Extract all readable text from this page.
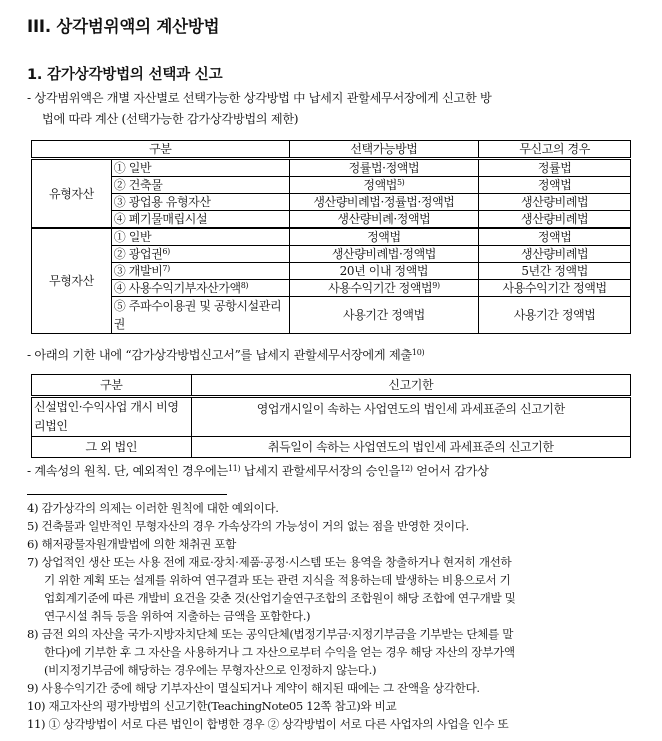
III. 상각범위액의 계산방법
1. 감가상각방법의 선택과 신고
- 상각범위액은 개별 자산별로 선택가능한 상각방법 中 납세지 관할세무서장에게 신고한 방
법에 따라 계산 (선택가능한 감가상각방법의 제한)
구분		선택가능방법	무신고의 경우
유형자산	① 일반	정률법·정액법	정률법
	② 건축물	정액법$^{5)}$	정액법
	③ 광업용 유형자산	생산량비례법·정률법·정액법	생산량비례법
	④ 폐기물매립시설	생산량비례·정액법	생산량비례법
무형자산	① 일반	정액법	정액법
	② 광업권$^{6)}$	생산량비례법·정액법	생산량비례법
	③ 개발비$^{7)}$	20년 이내 정액법	5년간 정액법
	④ 사용수익기부자산가액$^{8)}$	사용수익기간 정액법$^{9)}$	사용수익기간 정액법
	⑤ 주파수이용권 및 공항시설관리권	사용기간 정액법	사용기간 정액법
- 아래의 기한 내에 “감가상각방법신고서”를 납세지 관할세무서장에게 제출$^{10)}$
구분	신고기한
신설법인·수익사업 개시 비영리법인	영업개시일이 속하는 사업연도의 법인세 과세표준의 신고기한
그 외 법인	취득일이 속하는 사업연도의 법인세 과세표준의 신고기한
- 계속성의 원칙. 단, 예외적인 경우에는$^{11)}$ 납세지 관할세무서장의 승인을$^{12)}$ 얻어서 감가상
4) 감가상각의 의제는 이러한 원칙에 대한 예외이다.
5) 건축물과 일반적인 무형자산의 경우 가속상각의 가능성이 거의 없는 점을 반영한 것이다.
6) 해저광물자원개발법에 의한 채취권 포함
7) 상업적인 생산 또는 사용 전에 재료·장치·제품·공정·시스템 또는 용역을 창출하거나 현저히 개선하
기 위한 계획 또는 설계를 위하여 연구결과 또는 관련 지식을 적용하는데 발생하는 비용으로서 기
업회계기준에 따른 개발비 요건을 갖춘 것(산업기술연구조합의 조합원이 해당 조합에 연구개발 및
연구시설 취득 등을 위하여 지출하는 금액을 포함한다.)
8) 금전 외의 자산을 국가·지방자치단체 또는 공익단체(법정기부금·지정기부금을 기부받는 단체를 말
한다)에 기부한 후 그 자산을 사용하거나 그 자산으로부터 수익을 얻는 경우 해당 자산의 장부가액
(비지정기부금에 해당하는 경우에는 무형자산으로 인정하지 않는다.)
9) 사용수익기간 중에 해당 기부자산이 멸실되거나 계약이 해지된 때에는 그 잔액을 상각한다.
10) 재고자산의 평가방법의 신고기한(TeachingNote05 12쪽 참고)와 비교
11) ① 상각방법이 서로 다른 법인이 합병한 경우 ② 상각방법이 서로 다른 사업자의 사업을 인수 또
